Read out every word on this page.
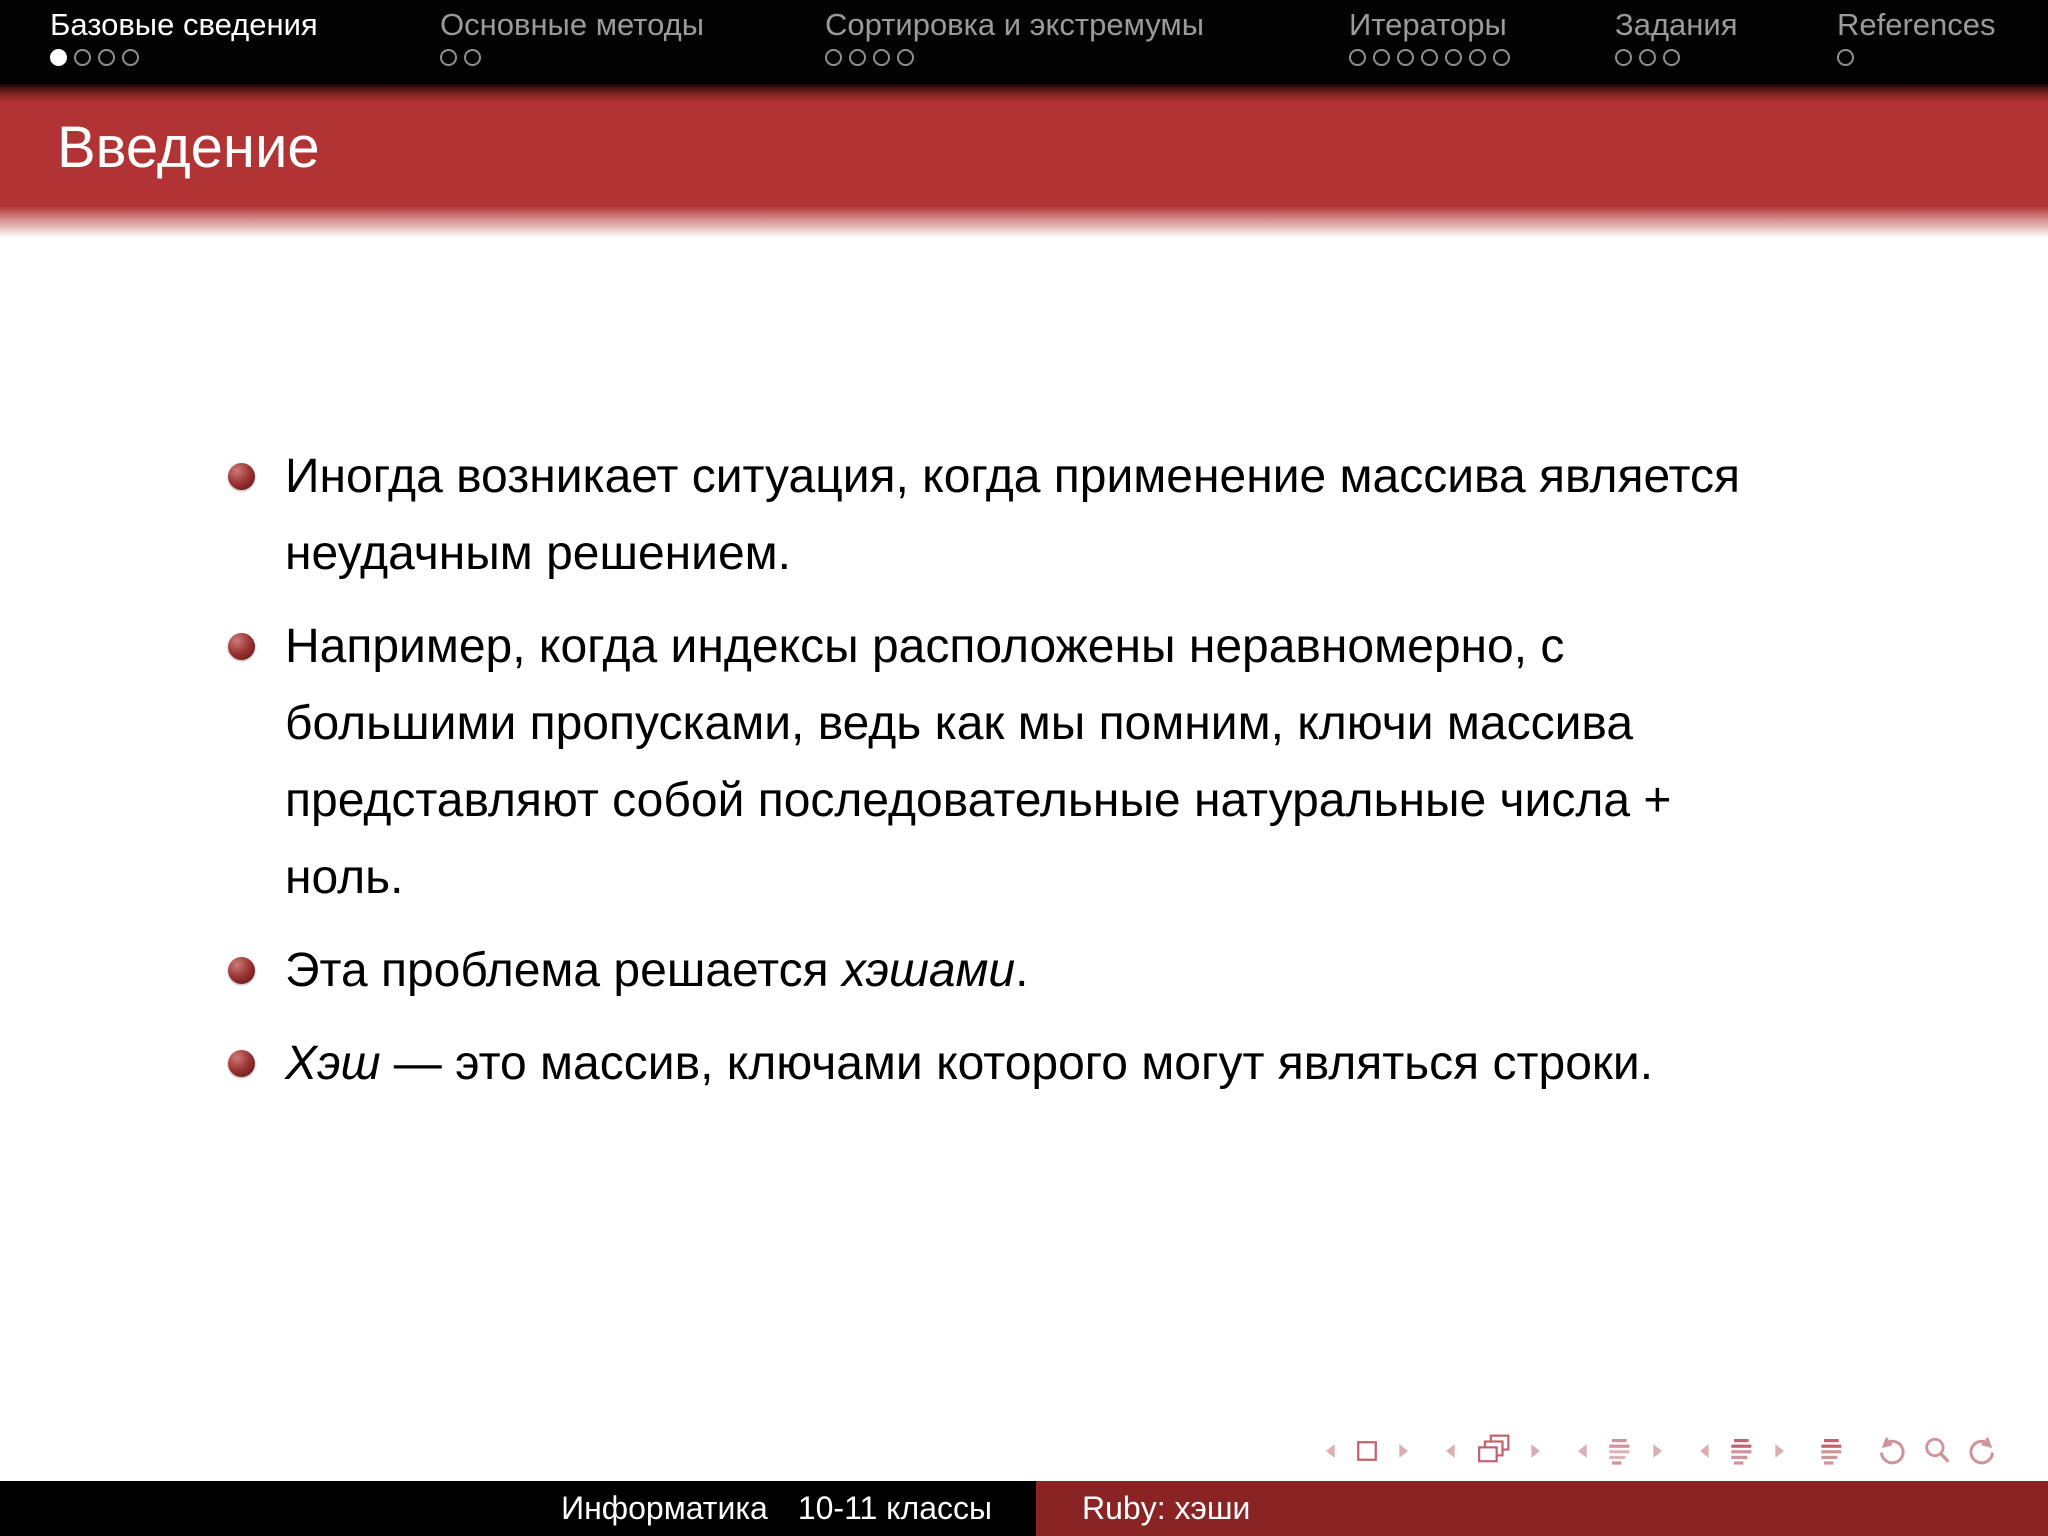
Базовые сведения	Основные методы	Сортировка и экстремумы	Итераторы	Задания	References
Введение
Иногда возникает ситуация, когда применение массива является неудачным решением.
Например, когда индексы расположены неравномерно, с большими пропусками, ведь как мы помним, ключи массива представляют собой последовательные натуральные числа + ноль.
Эта проблема решается хэшами.
Хэш — это массив, ключами которого могут являться строки.
Информатика 10-11 классы	Ruby: хэши
